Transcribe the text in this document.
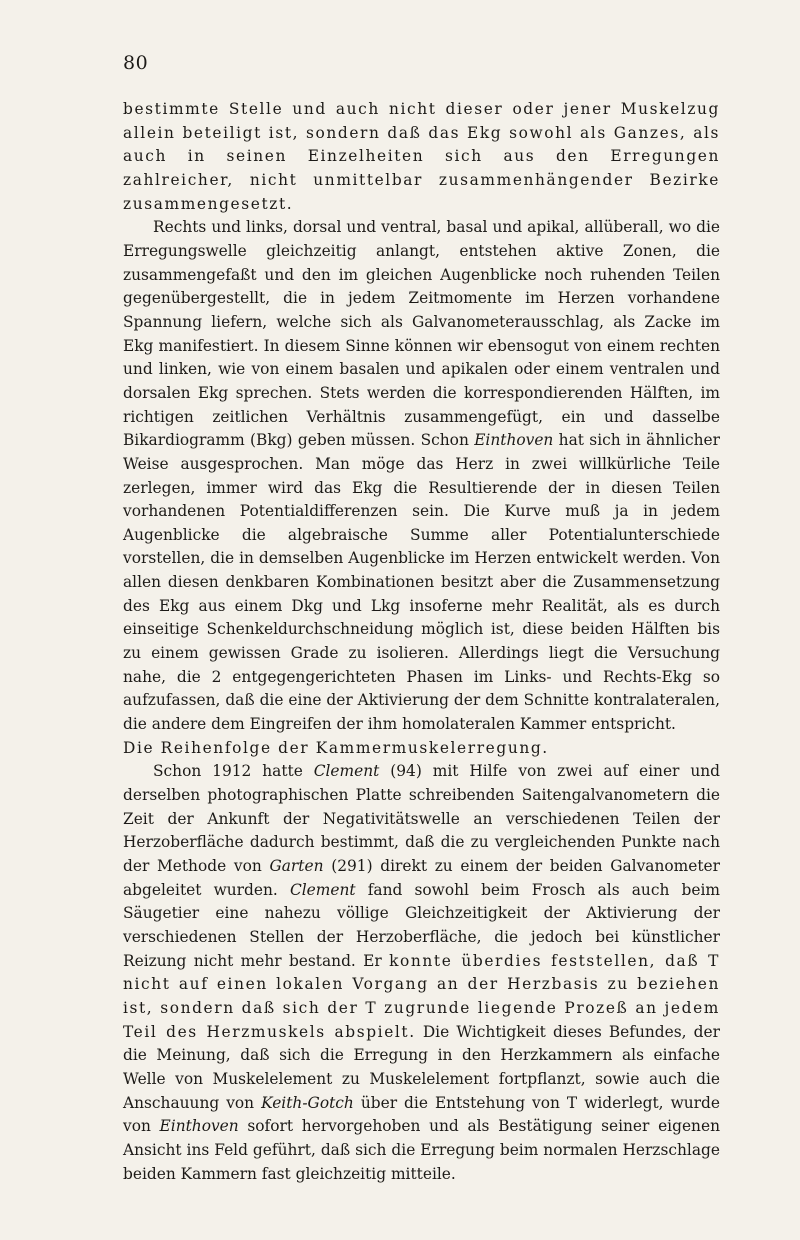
80

bestimmte Stelle und auch nicht dieser oder jener Muskelzug allein beteiligt ist, sondern daß das Ekg sowohl als Ganzes, als auch in seinen Einzelheiten sich aus den Erregungen zahlreicher, nicht unmittelbar zusammenhängender Bezirke zusammengesetzt.

Rechts und links, dorsal und ventral, basal und apikal, allüberall, wo die Erregungswelle gleichzeitig anlangt, entstehen aktive Zonen, die zusammengefaßt und den im gleichen Augenblicke noch ruhenden Teilen gegenübergestellt, die in jedem Zeitmomente im Herzen vorhandene Spannung liefern, welche sich als Galvanometerausschlag, als Zacke im Ekg manifestiert. In diesem Sinne können wir ebensogut von einem rechten und linken, wie von einem basalen und apikalen oder einem ventralen und dorsalen Ekg sprechen. Stets werden die korrespondierenden Hälften, im richtigen zeitlichen Verhältnis zusammengefügt, ein und dasselbe Bikardiogramm (Bkg) geben müssen. Schon Einthoven hat sich in ähnlicher Weise ausgesprochen. Man möge das Herz in zwei willkürliche Teile zerlegen, immer wird das Ekg die Resultierende der in diesen Teilen vorhandenen Potentialdifferenzen sein. Die Kurve muß ja in jedem Augenblicke die algebraische Summe aller Potentialunterschiede vorstellen, die in demselben Augenblicke im Herzen entwickelt werden. Von allen diesen denkbaren Kombinationen besitzt aber die Zusammensetzung des Ekg aus einem Dkg und Lkg insoferne mehr Realität, als es durch einseitige Schenkeldurchschneidung möglich ist, diese beiden Hälften bis zu einem gewissen Grade zu isolieren. Allerdings liegt die Versuchung nahe, die 2 entgegengerichteten Phasen im Links- und Rechts-Ekg so aufzufassen, daß die eine der Aktivierung der dem Schnitte kontralateralen, die andere dem Eingreifen der ihm homolateralen Kammer entspricht.

Die Reihenfolge der Kammermuskelerregung.

Schon 1912 hatte Clement (94) mit Hilfe von zwei auf einer und derselben photographischen Platte schreibenden Saitengalvanometern die Zeit der Ankunft der Negativitätswelle an verschiedenen Teilen der Herzoberfläche dadurch bestimmt, daß die zu vergleichenden Punkte nach der Methode von Garten (291) direkt zu einem der beiden Galvanometer abgeleitet wurden. Clement fand sowohl beim Frosch als auch beim Säugetier eine nahezu völlige Gleichzeitigkeit der Aktivierung der verschiedenen Stellen der Herzoberfläche, die jedoch bei künstlicher Reizung nicht mehr bestand. Er konnte überdies feststellen, daß T nicht auf einen lokalen Vorgang an der Herzbasis zu beziehen ist, sondern daß sich der T zugrunde liegende Prozeß an jedem Teil des Herzmuskels abspielt. Die Wichtigkeit dieses Befundes, der die Meinung, daß sich die Erregung in den Herzkammern als einfache Welle von Muskelelement zu Muskelelement fortpflanzt, sowie auch die Anschauung von Keith-Gotch über die Entstehung von T widerlegt, wurde von Einthoven sofort hervorgehoben und als Bestätigung seiner eigenen Ansicht ins Feld geführt, daß sich die Erregung beim normalen Herzschlage beiden Kammern fast gleichzeitig mitteile.
